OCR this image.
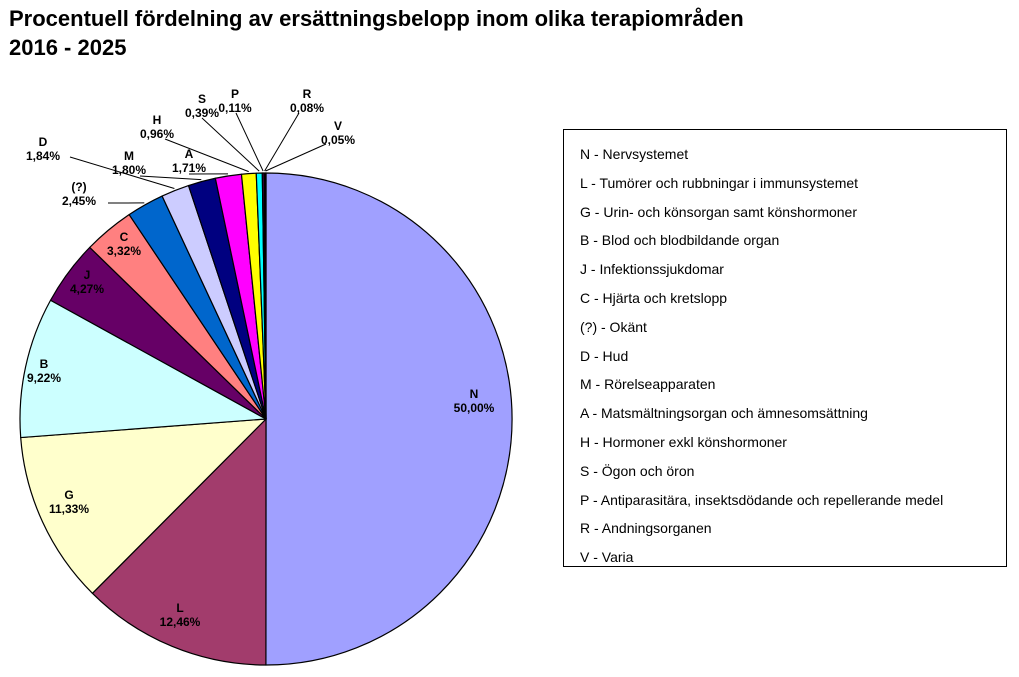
Procentuell fördelning av ersättningsbelopp inom olika terapiområden
2016 - 2025
N 50,00%
L 12,46%
G 11,33%
B 9,22%
J 4,27%
C 3,32%
(?) 2,45%
D 1,84%	M 1,80%
A 1,71%
H 0,96%
S 0,39%
P 0,11%
R 0,08%
V 0,05%
N - Nervsystemet
L - Tumörer och rubbningar i immunsystemet
G - Urin- och könsorgan samt könshormoner
B - Blod och blodbildande organ
J - Infektionssjukdomar
C - Hjärta och kretslopp
(?) - Okänt
D - Hud
M - Rörelseapparaten
A - Matsmältningsorgan och ämnesomsättning
H - Hormoner exkl könshormoner
S - Ögon och öron
P - Antiparasitära, insektsdödande och repellerande medel
R - Andningsorganen
V - Varia
